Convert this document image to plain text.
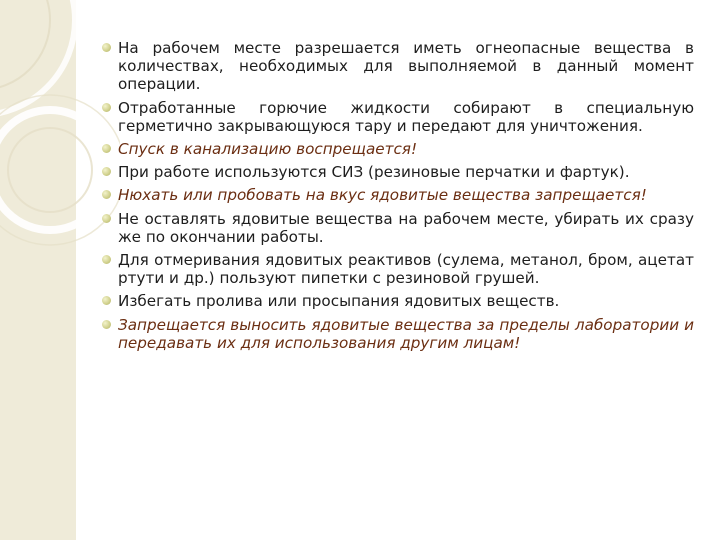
На рабочем месте разрешается иметь огнеопасные вещества в количествах, необходимых для выполняемой в данный момент операции.
Отработанные горючие жидкости собирают в специальную герметично закрывающуюся тару и передают для уничтожения.
Спуск в канализацию воспрещается!
При работе используются СИЗ (резиновые перчатки и фартук).
Нюхать или пробовать на вкус ядовитые вещества запрещается!
Не оставлять ядовитые вещества на рабочем месте, убирать их сразу же по окончании работы.
Для отмеривания ядовитых реактивов (сулема, метанол, бром, ацетат ртути и др.) пользуют пипетки с резиновой грушей.
Избегать пролива или просыпания ядовитых веществ.
Запрещается выносить ядовитые вещества за пределы лаборатории и передавать их для использования другим лицам!
